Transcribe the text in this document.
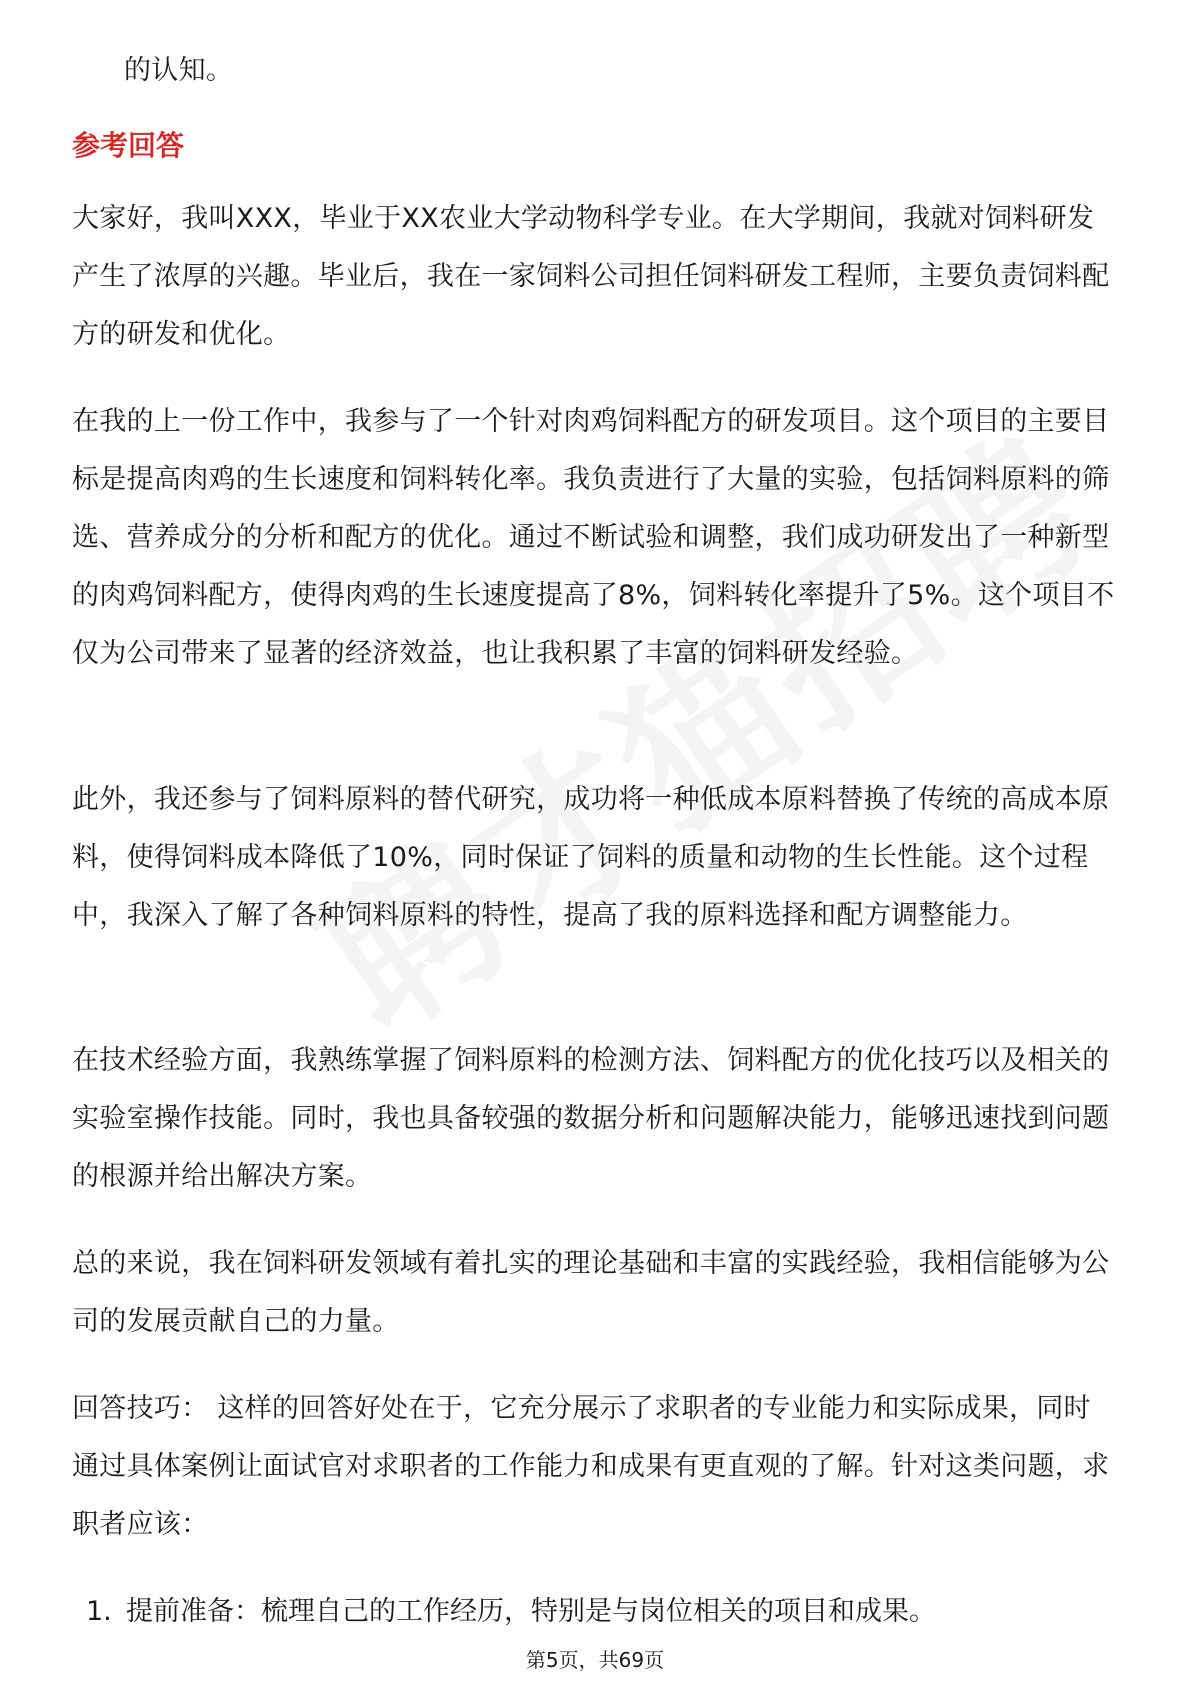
的认知。
参考回答
大家好，我叫XXX，毕业于XX农业大学动物科学专业。在大学期间，我就对饲料研发产生了浓厚的兴趣。毕业后，我在一家饲料公司担任饲料研发工程师，主要负责饲料配方的研发和优化。
在我的上一份工作中，我参与了一个针对肉鸡饲料配方的研发项目。这个项目的主要目标是提高肉鸡的生长速度和饲料转化率。我负责进行了大量的实验，包括饲料原料的筛选、营养成分的分析和配方的优化。通过不断试验和调整，我们成功研发出了一种新型的肉鸡饲料配方，使得肉鸡的生长速度提高了8%，饲料转化率提升了5%。这个项目不仅为公司带来了显著的经济效益，也让我积累了丰富的饲料研发经验。
此外，我还参与了饲料原料的替代研究，成功将一种低成本原料替换了传统的高成本原料，使得饲料成本降低了10%，同时保证了饲料的质量和动物的生长性能。这个过程中，我深入了解了各种饲料原料的特性，提高了我的原料选择和配方调整能力。
在技术经验方面，我熟练掌握了饲料原料的检测方法、饲料配方的优化技巧以及相关的实验室操作技能。同时，我也具备较强的数据分析和问题解决能力，能够迅速找到问题的根源并给出解决方案。
总的来说，我在饲料研发领域有着扎实的理论基础和丰富的实践经验，我相信能够为公司的发展贡献自己的力量。
回答技巧： 这样的回答好处在于，它充分展示了求职者的专业能力和实际成果，同时通过具体案例让面试官对求职者的工作能力和成果有更直观的了解。针对这类问题，求职者应该：
1. 提前准备：梳理自己的工作经历，特别是与岗位相关的项目和成果。
第5页，共69页
